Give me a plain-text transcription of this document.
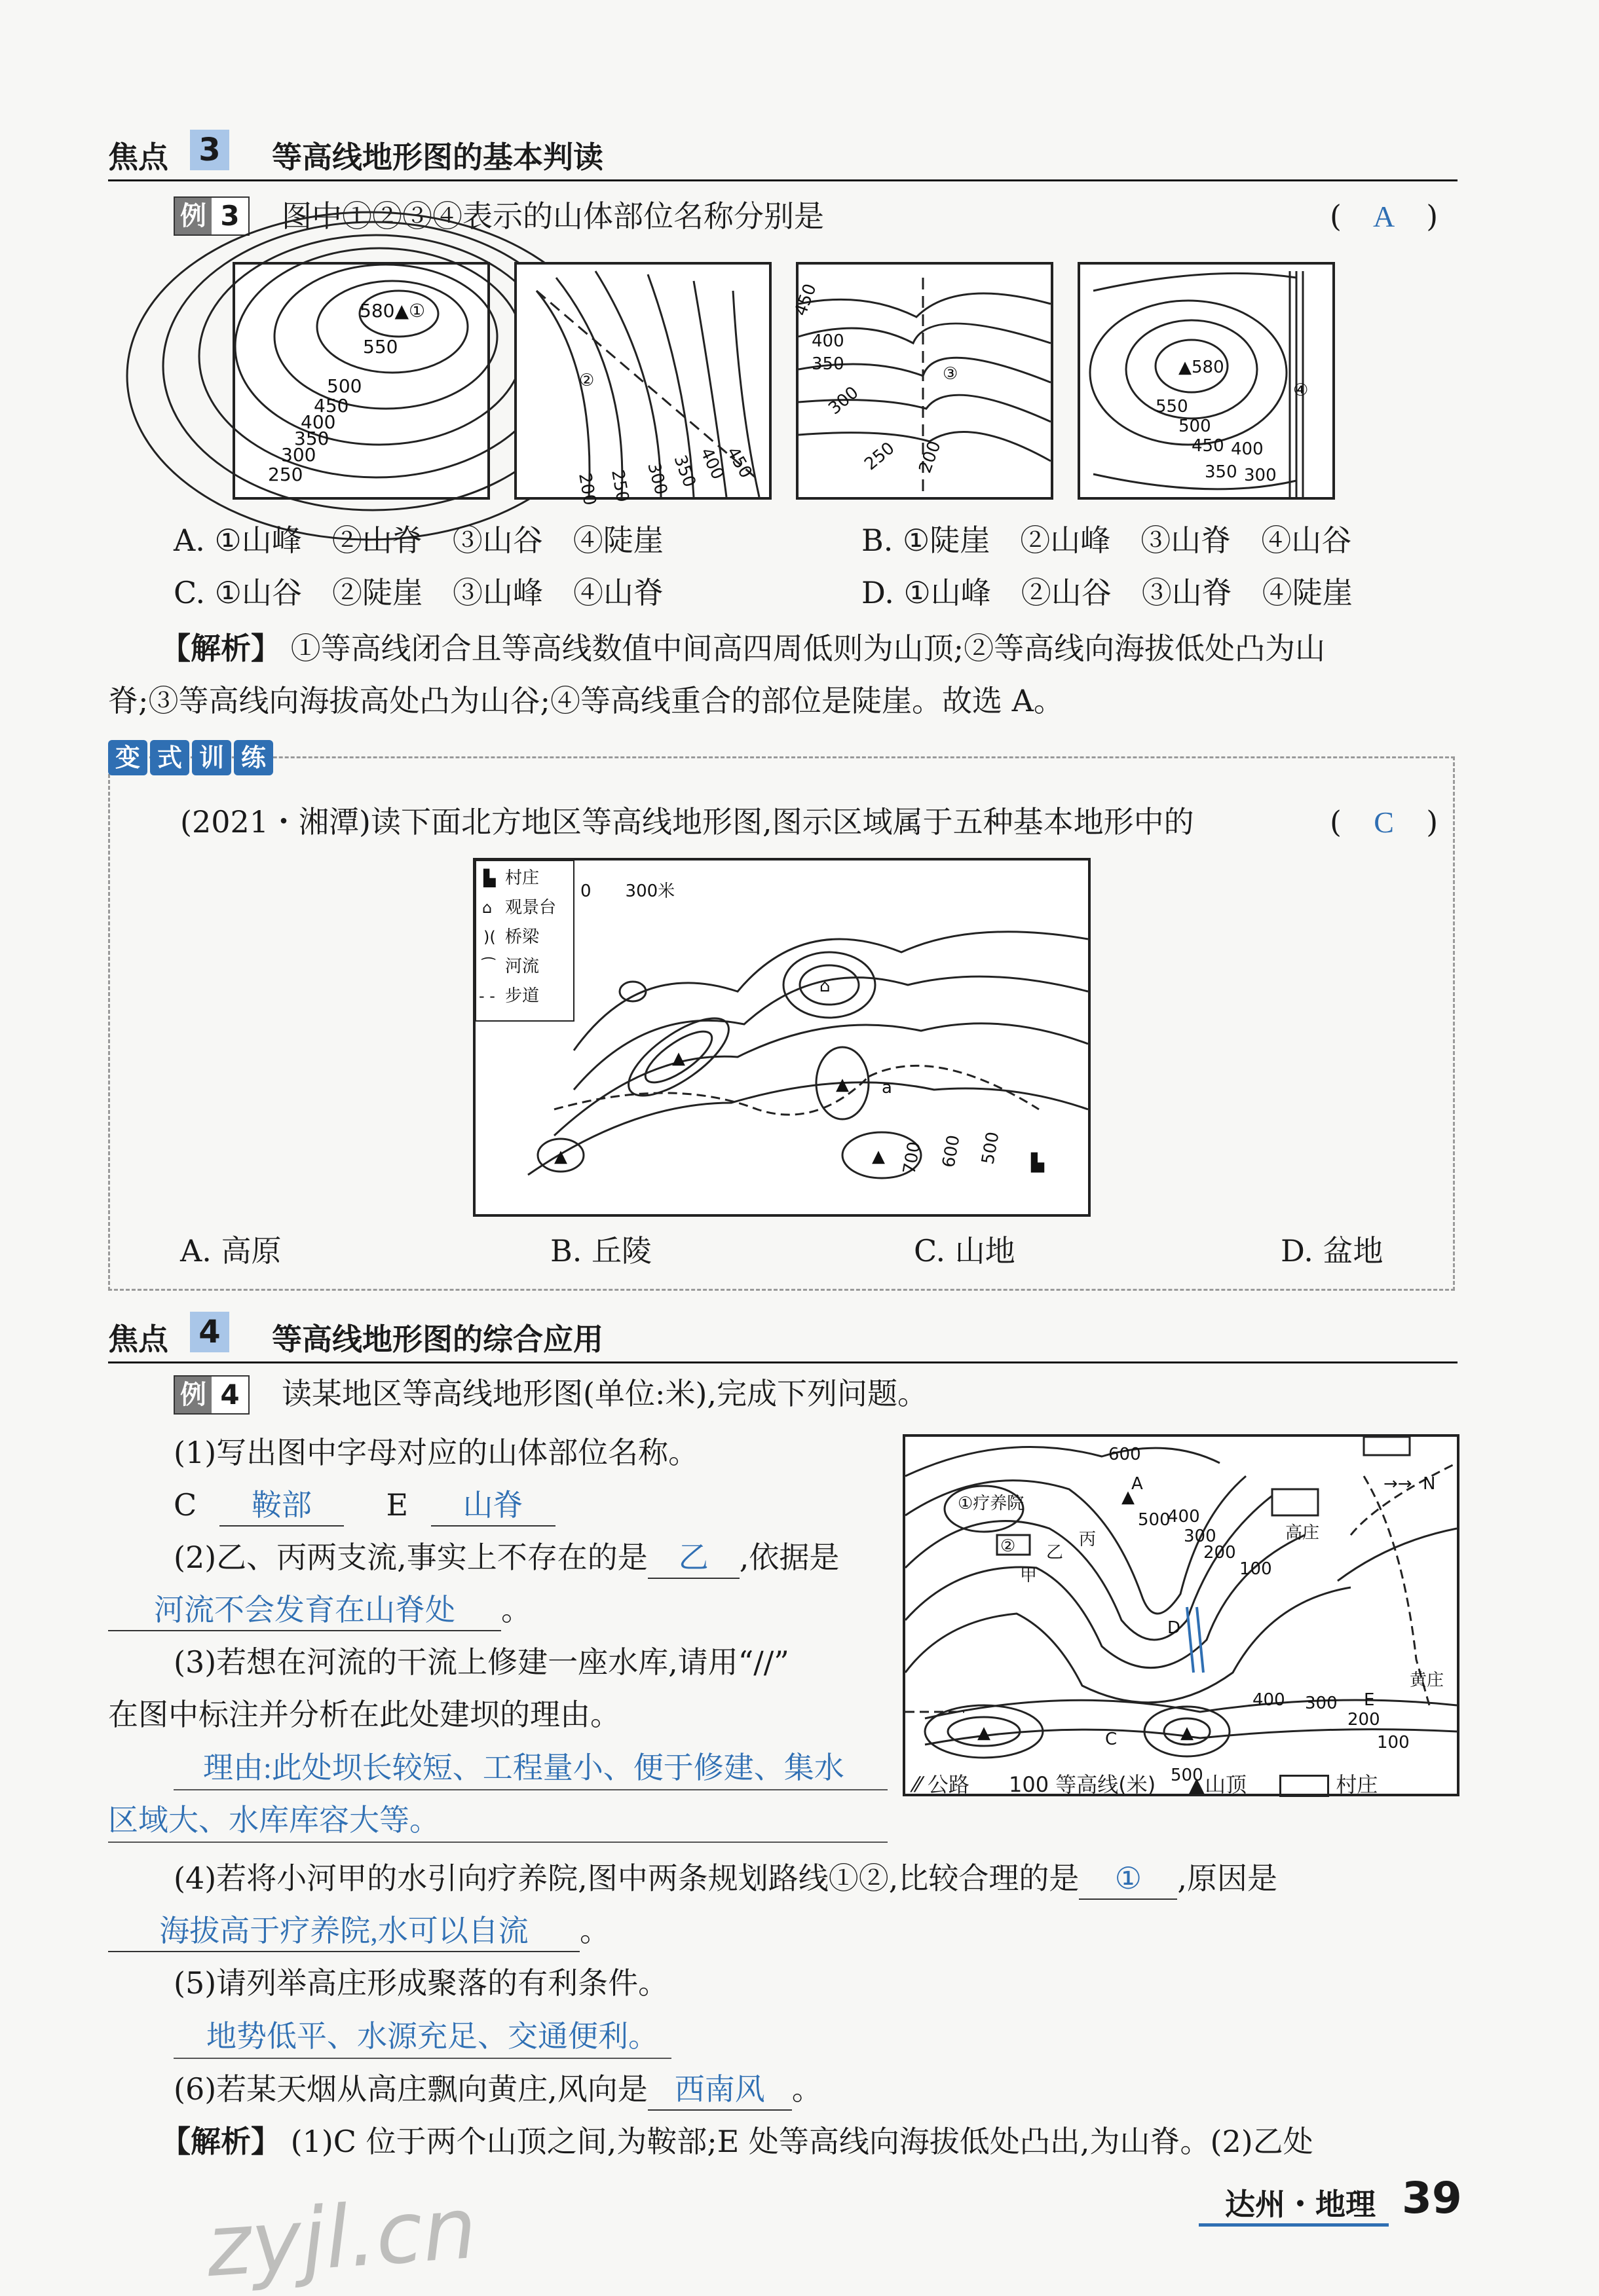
焦点 3 等高线地形图的基本判读
例 3 图中①②③④表示的山体部位名称分别是	( A )
580▲①
550
500
450
400
350
300
250
②
200 250 300
350
400
450
450
400
350
300
③
250 200
▲580
550
500
450 400
350 300
④
A. ①山峰　②山脊　③山谷　④陡崖	B. ①陡崖　②山峰　③山脊　④山谷
C. ①山谷　②陡崖　③山峰　④山脊	D. ①山峰　②山谷　③山脊　④陡崖
【解析】 ①等高线闭合且等高线数值中间高四周低则为山顶;②等高线向海拔低处凸为山
脊;③等高线向海拔高处凸为山谷;④等高线重合的部位是陡崖。故选 A。
变 式 训 练
(2021・湘潭)读下面北方地区等高线地形图,图示区域属于五种基本地形中的	( C )
村庄
观景台
桥梁
河流
步道
0　　300米
▙
⌂
)(
⁀
- -
700 600 500
a
▙
⌂
▲
▲	▲
▲
A. 高原	B. 丘陵	C. 山地	D. 盆地
焦点 4 等高线地形图的综合应用
例 4 读某地区等高线地形图(单位:米),完成下列问题。
(1)写出图中字母对应的山体部位名称。
C 鞍部 E 山脊
(2)乙、丙两支流,事实上不存在的是 乙 ,依据是
河流不会发育在山脊处 。
(3)若想在河流的干流上修建一座水库,请用“//”
在图中标注并分析在此处建坝的理由。
理由:此处坝长较短、工程量小、便于修建、集水
区域大、水库库容大等。
600
A
500
400
300
200
100
①疗养院
② 乙
丙
甲
D
C
500
400 300
200
100
E
高庄
黄庄
N
→→
▲
▲	▲
⁄⁄ 公路 100 等高线(米) ▲山顶	村庄
(4)若将小河甲的水引向疗养院,图中两条规划路线①②,比较合理的是 ① ,原因是
海拔高于疗养院,水可以自流 。
(5)请列举高庄形成聚落的有利条件。
地势低平、水源充足、交通便利。
(6)若某天烟从高庄飘向黄庄,风向是 西南风 。
【解析】 (1)C 位于两个山顶之间,为鞍部;E 处等高线向海拔低处凸出,为山脊。(2)乙处
达州・地理 39
zyjl.cn
